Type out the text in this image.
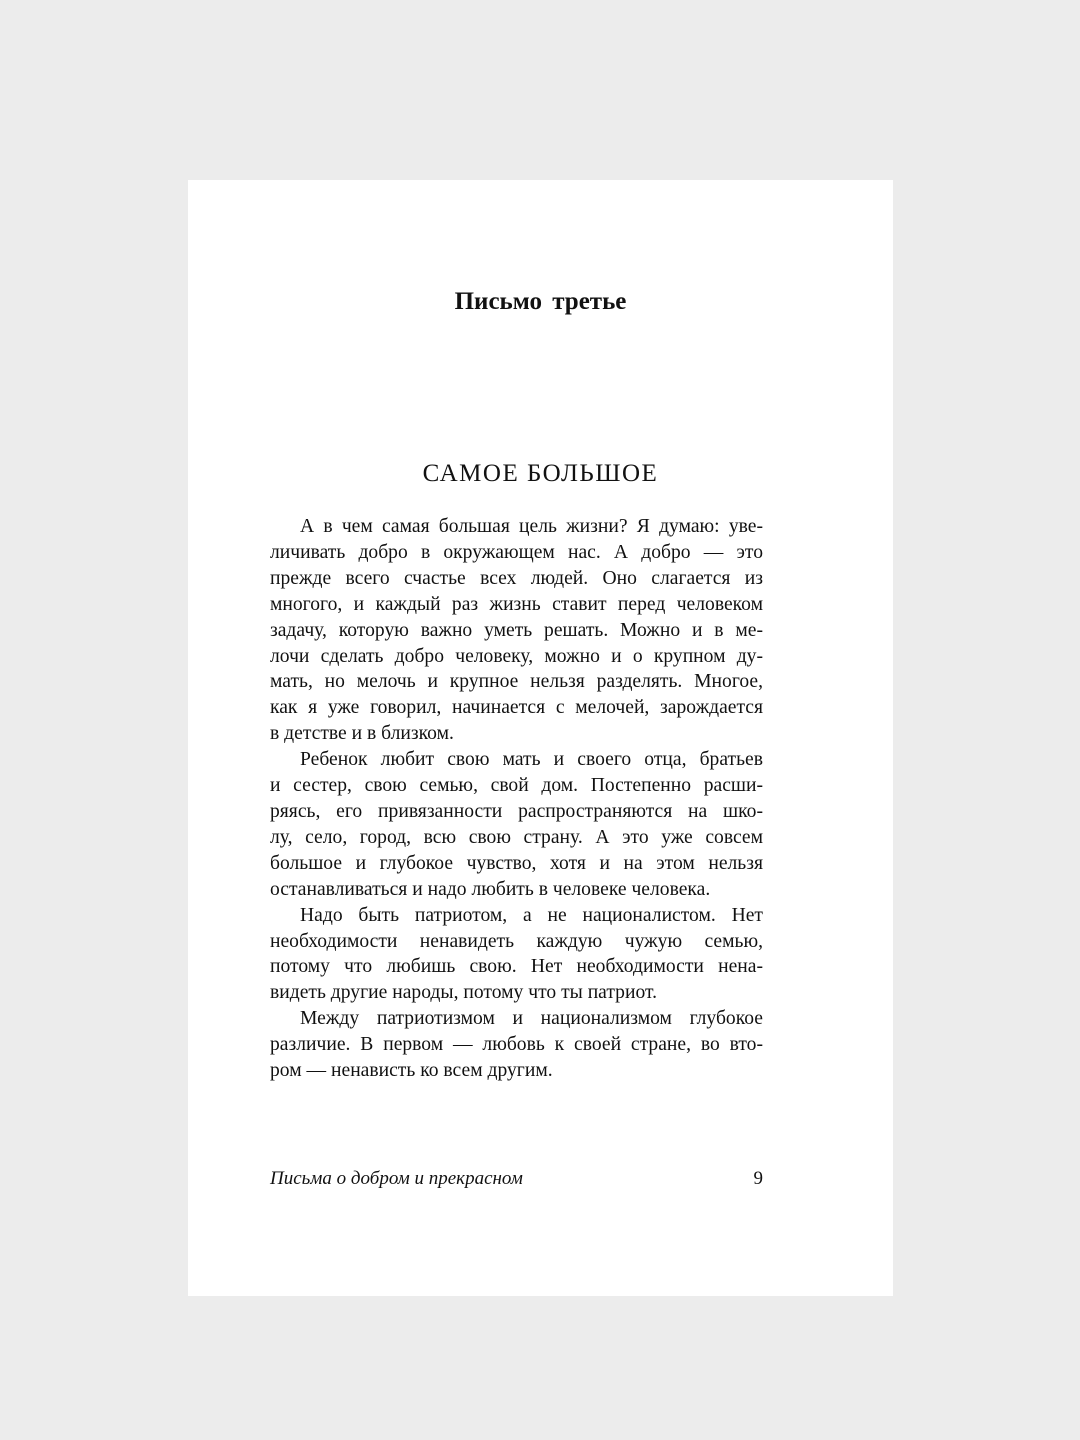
Письмо третье
САМОЕ БОЛЬШОЕ
А в чем самая большая цель жизни? Я думаю: уве-
личивать добро в окружающем нас. А добро — это
прежде всего счастье всех людей. Оно слагается из
многого, и каждый раз жизнь ставит перед человеком
задачу, которую важно уметь решать. Можно и в ме-
лочи сделать добро человеку, можно и о крупном ду-
мать, но мелочь и крупное нельзя разделять. Многое,
как я уже говорил, начинается с мелочей, зарождается
в детстве и в близком.
Ребенок любит свою мать и своего отца, братьев
и сестер, свою семью, свой дом. Постепенно расши-
ряясь, его привязанности распространяются на шко-
лу, село, город, всю свою страну. А это уже совсем
большое и глубокое чувство, хотя и на этом нельзя
останавливаться и надо любить в человеке человека.
Надо быть патриотом, а не националистом. Нет
необходимости ненавидеть каждую чужую семью,
потому что любишь свою. Нет необходимости нена-
видеть другие народы, потому что ты патриот.
Между патриотизмом и национализмом глубокое
различие. В первом — любовь к своей стране, во вто-
ром — ненависть ко всем другим.
Письма о добром и прекрасном	9
